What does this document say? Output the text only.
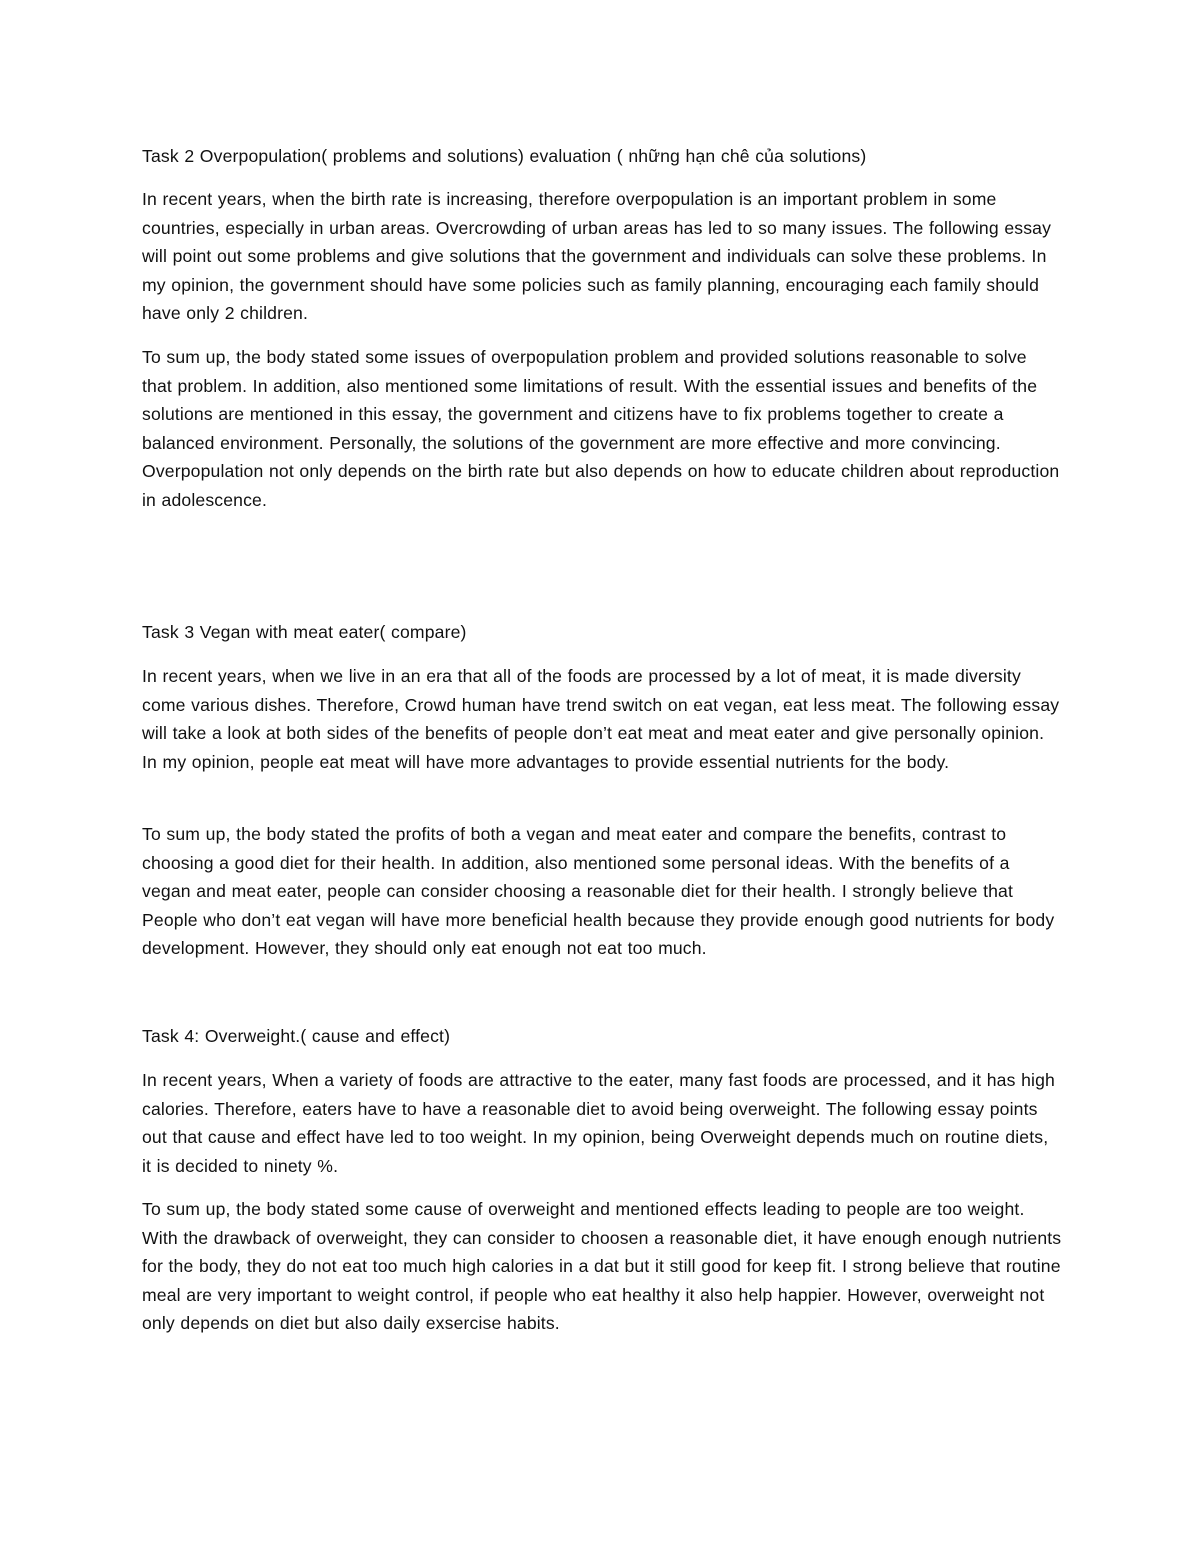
Task 2 Overpopulation( problems and solutions) evaluation ( những hạn chê của solutions)

In recent years, when the birth rate is increasing, therefore overpopulation is an important problem in some countries, especially in urban areas. Overcrowding of urban areas has led to so many issues. The following essay will point out some problems and give solutions that the government and individuals can solve these problems. In my opinion, the government should have some policies such as family planning, encouraging each family should have only 2 children.

To sum up, the body stated some issues of overpopulation problem and provided solutions reasonable to solve that problem. In addition, also mentioned some limitations of result. With the essential issues and benefits of the solutions are mentioned in this essay, the government and citizens have to fix problems together to create a balanced environment. Personally, the solutions of the government are more effective and more convincing. Overpopulation not only depends on the birth rate but also depends on how to educate children about reproduction in adolescence.

Task 3 Vegan with meat eater( compare)

In recent years, when we live in an era that all of the foods are processed by a lot of meat, it is made diversity come various dishes. Therefore, Crowd human have trend switch on eat vegan, eat less meat. The following essay will take a look at both sides of the benefits of people don’t eat meat and meat eater and give personally opinion. In my opinion, people eat meat will have more advantages to provide essential nutrients for the body.

To sum up, the body stated the profits of both a vegan and meat eater and compare the benefits, contrast to choosing a good diet for their health. In addition, also mentioned some personal ideas. With the benefits of a vegan and meat eater, people can consider choosing a reasonable diet for their health. I strongly believe that People who don’t eat vegan will have more beneficial health because they provide enough good nutrients for body development. However, they should only eat enough not eat too much.

Task 4: Overweight.( cause and effect)

In recent years, When a variety of foods are attractive to the eater, many fast foods are processed, and it has high calories. Therefore, eaters have to have a reasonable diet to avoid being overweight. The following essay points out that cause and effect have led to too weight. In my opinion, being Overweight depends much on routine diets, it is decided to ninety %.

To sum up, the body stated some cause of overweight and mentioned effects leading to people are too weight. With the drawback of overweight, they can consider to choosen a reasonable diet, it have enough enough nutrients for the body, they do not eat too much high calories in a dat but it still good for keep fit. I strong believe that routine meal are very important to weight control, if people who eat healthy it also help happier. However, overweight not only depends on diet but also daily exsercise habits.
